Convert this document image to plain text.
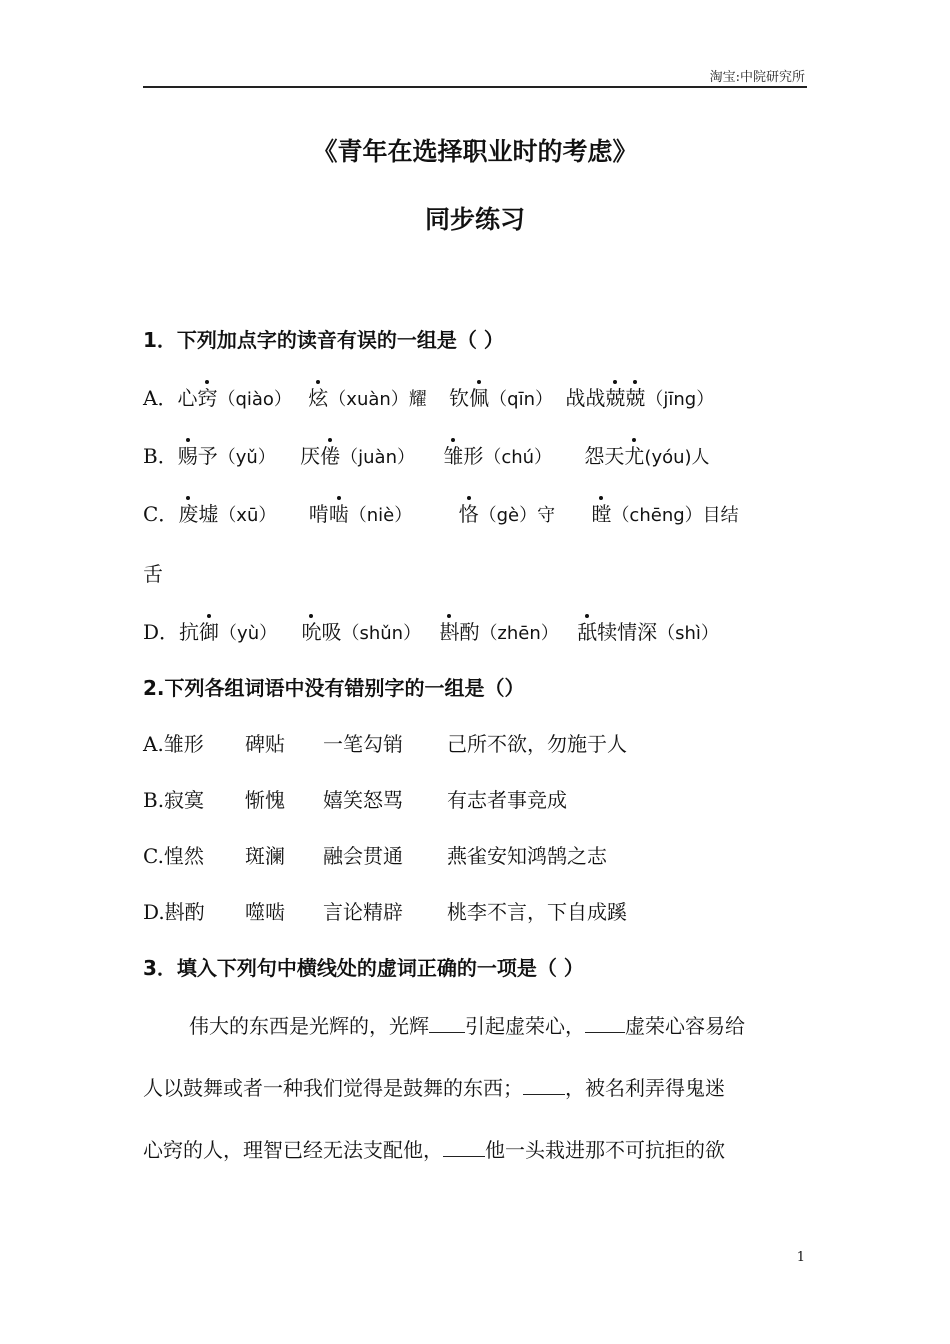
淘宝:中院研究所
《青年在选择职业时的考虑》
同步练习
1．下列加点字的读音有误的一组是（ ）
A．心窍（qiào） 炫（xuàn）耀 钦佩（qīn） 战战兢兢（jīng）
B．赐予（yǔ） 厌倦（juàn） 雏形（chú） 怨天尤(yóu)人
C．废墟（xū） 啃啮（niè） 恪（gè）守 瞠（chēng）目结
舌
D．抗御（yù） 吮吸（shǔn） 斟酌（zhēn） 舐犊情深（shì）
2.下列各组词语中没有错别字的一组是（）
A.雏形 碑贴 一笔勾销 己所不欲，勿施于人
B.寂寞 惭愧 嬉笑怒骂 有志者事竞成
C.惶然 斑澜 融会贯通 燕雀安知鸿鹄之志
D.斟酌 噬啮 言论精辟 桃李不言，下自成蹊
3．填入下列句中横线处的虚词正确的一项是（ ）
伟大的东西是光辉的，光辉 引起虚荣心， 虚荣心容易给
人以鼓舞或者一种我们觉得是鼓舞的东西； ，被名利弄得鬼迷
心窍的人，理智已经无法支配他， 他一头栽进那不可抗拒的欲
1
